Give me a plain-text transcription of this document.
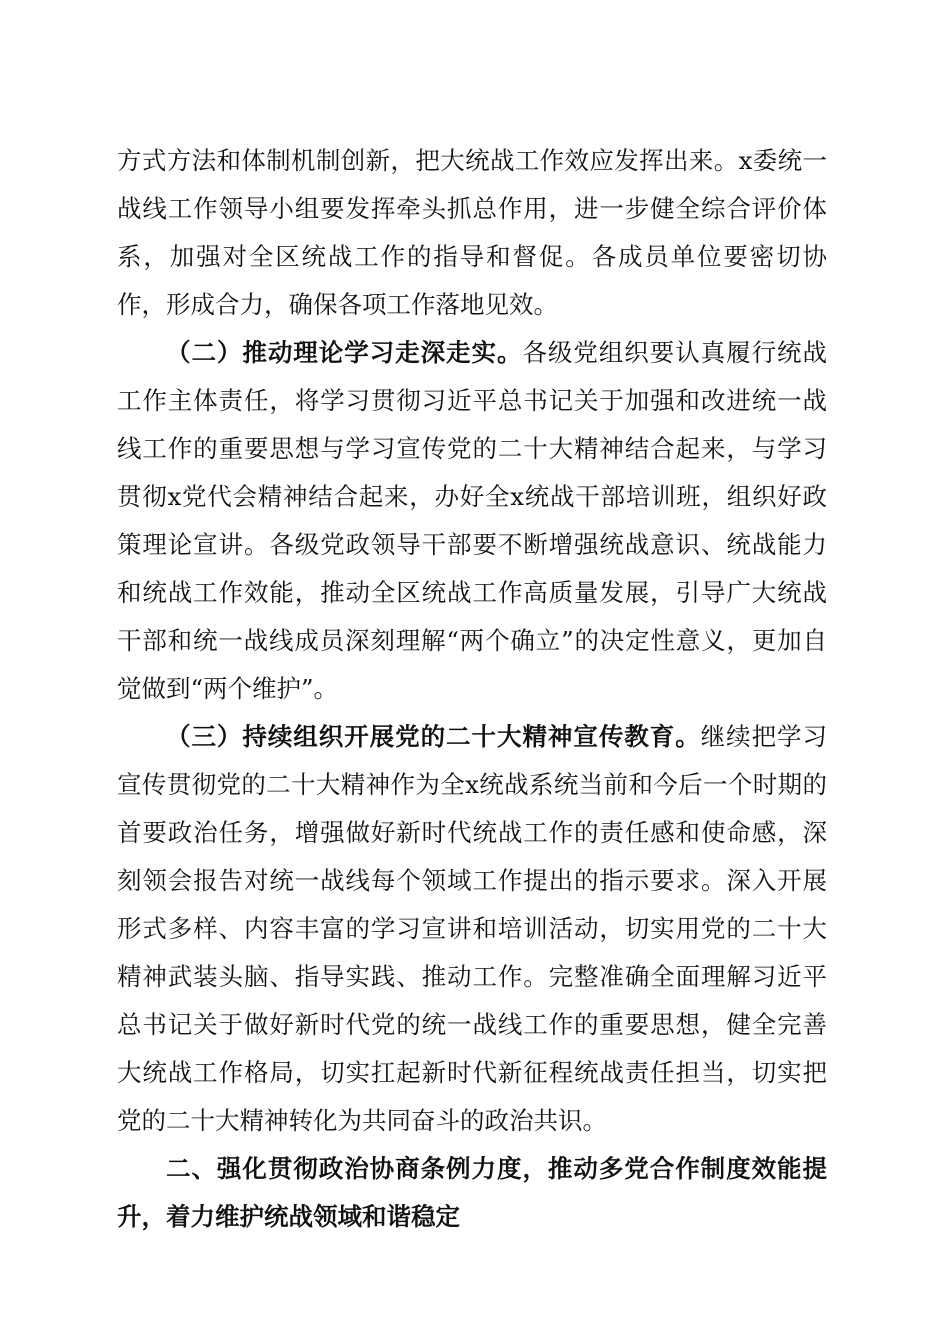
方式方法和体制机制创新，把大统战工作效应发挥出来。x委统一战线工作领导小组要发挥牵头抓总作用，进一步健全综合评价体系，加强对全区统战工作的指导和督促。各成员单位要密切协作，形成合力，确保各项工作落地见效。

（二）推动理论学习走深走实。各级党组织要认真履行统战工作主体责任，将学习贯彻习近平总书记关于加强和改进统一战线工作的重要思想与学习宣传党的二十大精神结合起来，与学习贯彻x党代会精神结合起来，办好全x统战干部培训班，组织好政策理论宣讲。各级党政领导干部要不断增强统战意识、统战能力和统战工作效能，推动全区统战工作高质量发展，引导广大统战干部和统一战线成员深刻理解“两个确立”的决定性意义，更加自觉做到“两个维护”。

（三）持续组织开展党的二十大精神宣传教育。继续把学习宣传贯彻党的二十大精神作为全x统战系统当前和今后一个时期的首要政治任务，增强做好新时代统战工作的责任感和使命感，深刻领会报告对统一战线每个领域工作提出的指示要求。深入开展形式多样、内容丰富的学习宣讲和培训活动，切实用党的二十大精神武装头脑、指导实践、推动工作。完整准确全面理解习近平总书记关于做好新时代党的统一战线工作的重要思想，健全完善大统战工作格局，切实扛起新时代新征程统战责任担当，切实把党的二十大精神转化为共同奋斗的政治共识。

二、强化贯彻政治协商条例力度，推动多党合作制度效能提升，着力维护统战领域和谐稳定
